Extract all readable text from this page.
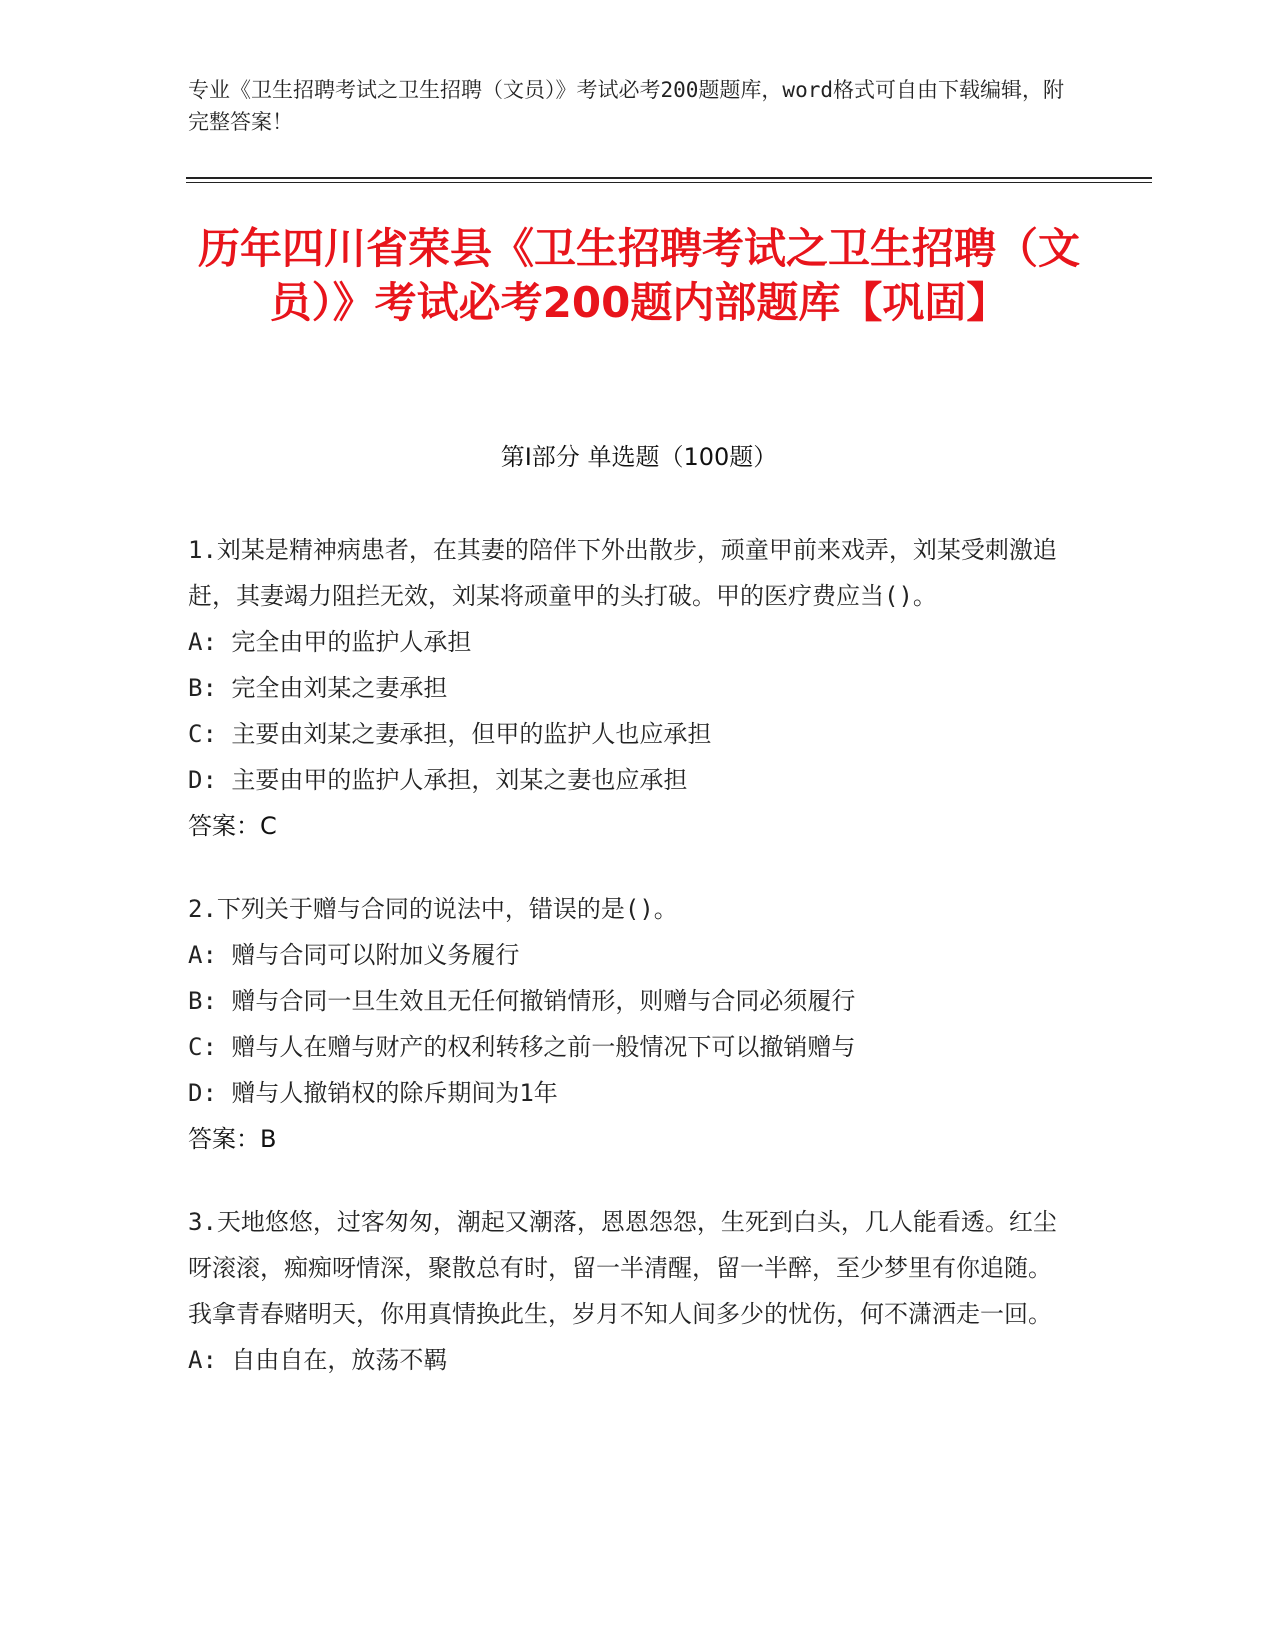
专业《卫生招聘考试之卫生招聘（文员）》考试必考200题题库，word格式可自由下载编辑，附完整答案！
历年四川省荣县《卫生招聘考试之卫生招聘（文员）》考试必考200题内部题库【巩固】
第I部分 单选题（100题）
1.刘某是精神病患者，在其妻的陪伴下外出散步，顽童甲前来戏弄，刘某受刺激追赶，其妻竭力阻拦无效，刘某将顽童甲的头打破。甲的医疗费应当()。
A: 完全由甲的监护人承担
B: 完全由刘某之妻承担
C: 主要由刘某之妻承担，但甲的监护人也应承担
D: 主要由甲的监护人承担，刘某之妻也应承担
答案：C
2.下列关于赠与合同的说法中，错误的是()。
A: 赠与合同可以附加义务履行
B: 赠与合同一旦生效且无任何撤销情形，则赠与合同必须履行
C: 赠与人在赠与财产的权利转移之前一般情况下可以撤销赠与
D: 赠与人撤销权的除斥期间为1年
答案：B
3.天地悠悠，过客匆匆，潮起又潮落，恩恩怨怨，生死到白头，几人能看透。红尘呀滚滚，痴痴呀情深，聚散总有时，留一半清醒，留一半醉，至少梦里有你追随。我拿青春赌明天，你用真情换此生，岁月不知人间多少的忧伤，何不潇洒走一回。
A: 自由自在，放荡不羁
